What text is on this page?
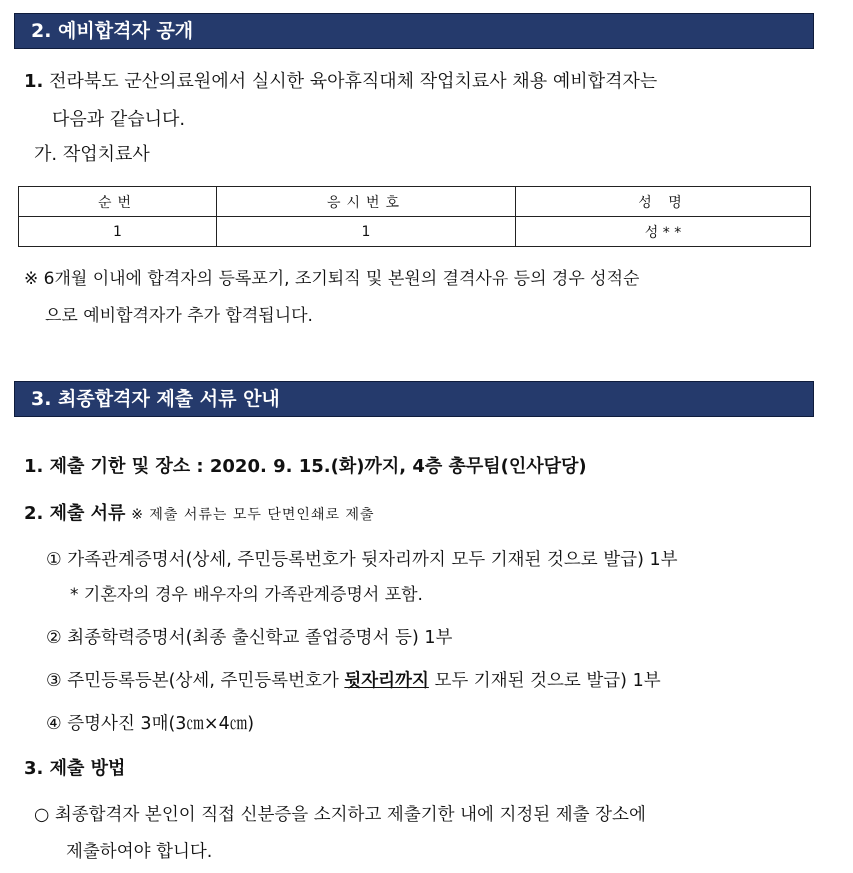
2. 예비합격자 공개
1. 전라북도 군산의료원에서 실시한 육아휴직대체 작업치료사 채용 예비합격자는
다음과 같습니다.
가. 작업치료사
순번	응시번호	성 명
1	1	성 * *
※ 6개월 이내에 합격자의 등록포기, 조기퇴직 및 본원의 결격사유 등의 경우 성적순
으로 예비합격자가 추가 합격됩니다.
3. 최종합격자 제출 서류 안내
1. 제출 기한 및 장소 : 2020. 9. 15.(화)까지, 4층 총무팀(인사담당)
2. 제출 서류 ※ 제출 서류는 모두 단면인쇄로 제출
① 가족관계증명서(상세, 주민등록번호가 뒷자리까지 모두 기재된 것으로 발급) 1부
* 기혼자의 경우 배우자의 가족관계증명서 포함.
② 최종학력증명서(최종 출신학교 졸업증명서 등) 1부
③ 주민등록등본(상세, 주민등록번호가 뒷자리까지 모두 기재된 것으로 발급) 1부
④ 증명사진 3매(3㎝×4㎝)
3. 제출 방법
○ 최종합격자 본인이 직접 신분증을 소지하고 제출기한 내에 지정된 제출 장소에
제출하여야 합니다.
